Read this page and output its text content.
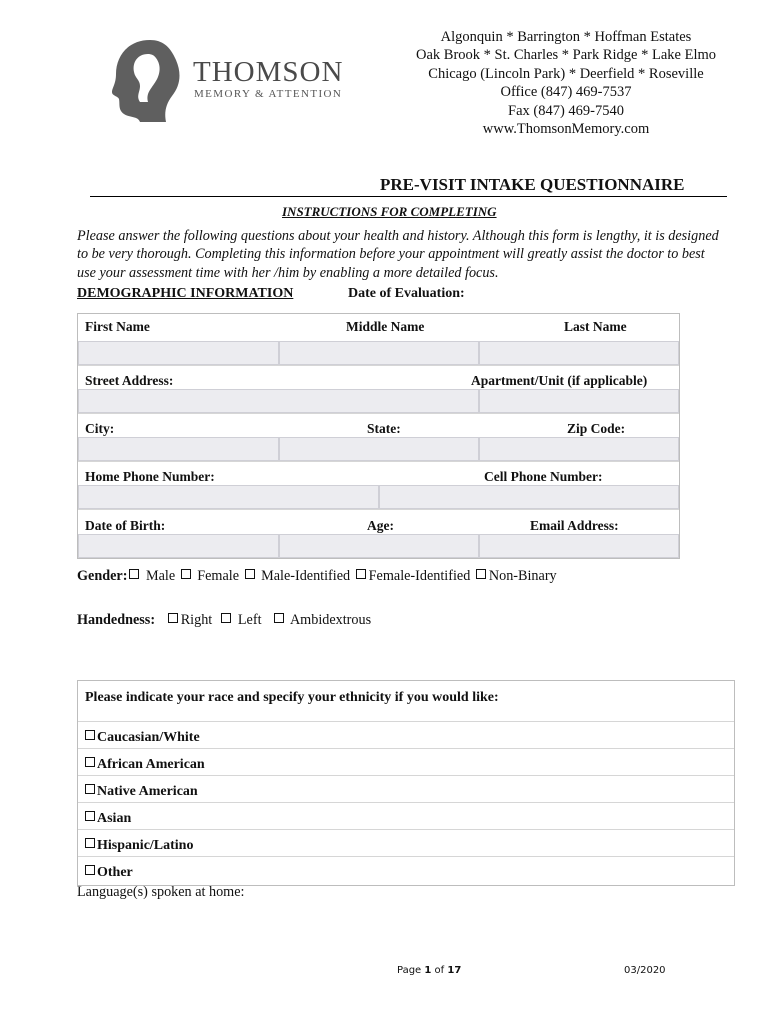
THOMSON
MEMORY & ATTENTION
Algonquin * Barrington * Hoffman Estates
Oak Brook * St. Charles * Park Ridge * Lake Elmo
Chicago (Lincoln Park) * Deerfield * Roseville
Office (847) 469-7537
Fax (847) 469-7540
www.ThomsonMemory.com
PRE-VISIT INTAKE QUESTIONNAIRE
INSTRUCTIONS FOR COMPLETING
Please answer the following questions about your health and history. Although this form is lengthy, it is designed to be very thorough. Completing this information before your appointment will greatly assist the doctor to best use your assessment time with her /him by enabling a more detailed focus.
DEMOGRAPHIC INFORMATION	Date of Evaluation:
First Name	Middle Name	Last Name
Street Address:	Apartment/Unit (if applicable)
City:	State:	Zip Code:
Home Phone Number:	Cell Phone Number:
Date of Birth:	Age:	Email Address:
Gender: Male Female Male-Identified Female-Identified Non-Binary
Handedness: Right Left Ambidextrous
Please indicate your race and specify your ethnicity if you would like:
Caucasian/White
African American
Native American
Asian
Hispanic/Latino
Other
Language(s) spoken at home:
Page 1 of 17	03/2020
